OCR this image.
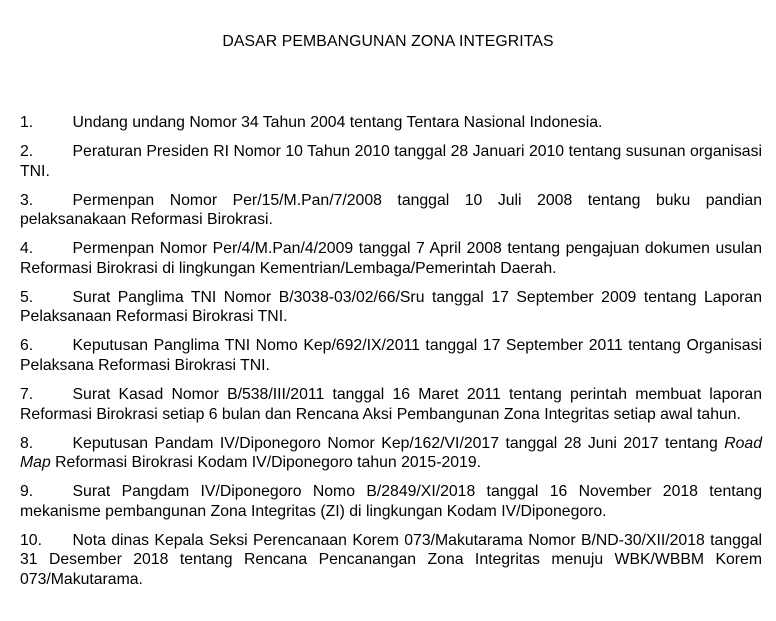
DASAR PEMBANGUNAN ZONA INTEGRITAS
1. Undang undang Nomor 34 Tahun 2004 tentang Tentara Nasional Indonesia.
2. Peraturan Presiden RI Nomor 10 Tahun 2010 tanggal 28 Januari 2010 tentang susunan organisasi TNI.
3. Permenpan Nomor Per/15/M.Pan/7/2008 tanggal 10 Juli 2008 tentang buku pandian pelaksanakaan Reformasi Birokrasi.
4. Permenpan Nomor Per/4/M.Pan/4/2009 tanggal 7 April 2008 tentang pengajuan dokumen usulan Reformasi Birokrasi di lingkungan Kementrian/Lembaga/Pemerintah Daerah.
5. Surat Panglima TNI Nomor B/3038-03/02/66/Sru tanggal 17 September 2009 tentang Laporan Pelaksanaan Reformasi Birokrasi TNI.
6. Keputusan Panglima TNI Nomo Kep/692/IX/2011 tanggal 17 September 2011 tentang Organisasi Pelaksana Reformasi Birokrasi TNI.
7. Surat Kasad Nomor B/538/III/2011 tanggal 16 Maret 2011 tentang perintah membuat laporan Reformasi Birokrasi setiap 6 bulan dan Rencana Aksi Pembangunan Zona Integritas setiap awal tahun.
8. Keputusan Pandam IV/Diponegoro Nomor Kep/162/VI/2017 tanggal 28 Juni 2017 tentang Road Map Reformasi Birokrasi Kodam IV/Diponegoro tahun 2015-2019.
9. Surat Pangdam IV/Diponegoro Nomo B/2849/XI/2018 tanggal 16 November 2018 tentang mekanisme pembangunan Zona Integritas (ZI) di lingkungan Kodam IV/Diponegoro.
10. Nota dinas Kepala Seksi Perencanaan Korem 073/Makutarama Nomor B/ND-30/XII/2018 tanggal 31 Desember 2018 tentang Rencana Pencanangan Zona Integritas menuju WBK/WBBM Korem 073/Makutarama.
